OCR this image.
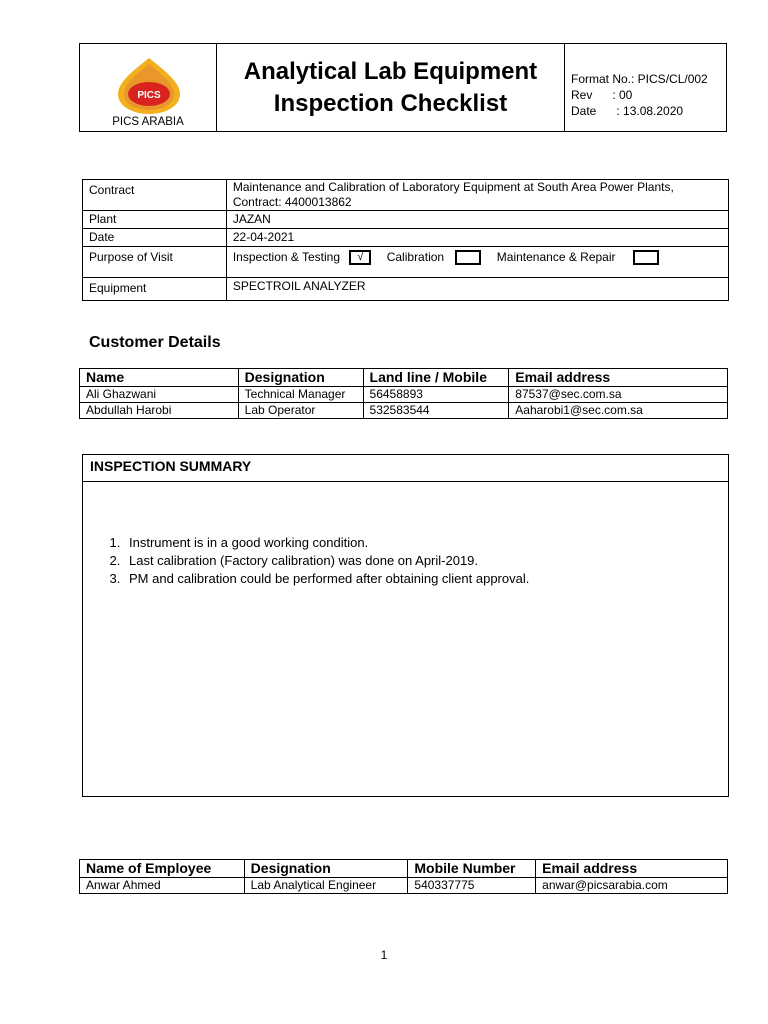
PICS
PICS ARABIA
Analytical Lab Equipment
Inspection Checklist
Format No.: PICS/CL/002
Rev      : 00
Date      : 13.08.2020
Contract	Maintenance and Calibration of Laboratory Equipment at South Area Power Plants, Contract: 4400013862
Plant	JAZAN
Date	22-04-2021
Purpose of Visit	Inspection & Testing √ Calibration Maintenance & Repair
Equipment	SPECTROIL ANALYZER
Customer Details
Name	Designation	Land line / Mobile	Email address
Ali Ghazwani	Technical Manager	56458893	87537@sec.com.sa
Abdullah Harobi	Lab Operator	532583544	Aaharobi1@sec.com.sa
INSPECTION SUMMARY
1. Instrument is in a good working condition.
2. Last calibration (Factory calibration) was done on April-2019.
3. PM and calibration could be performed after obtaining client approval.
Name of Employee	Designation	Mobile Number	Email address
Anwar Ahmed	Lab Analytical Engineer	540337775	anwar@picsarabia.com
1
